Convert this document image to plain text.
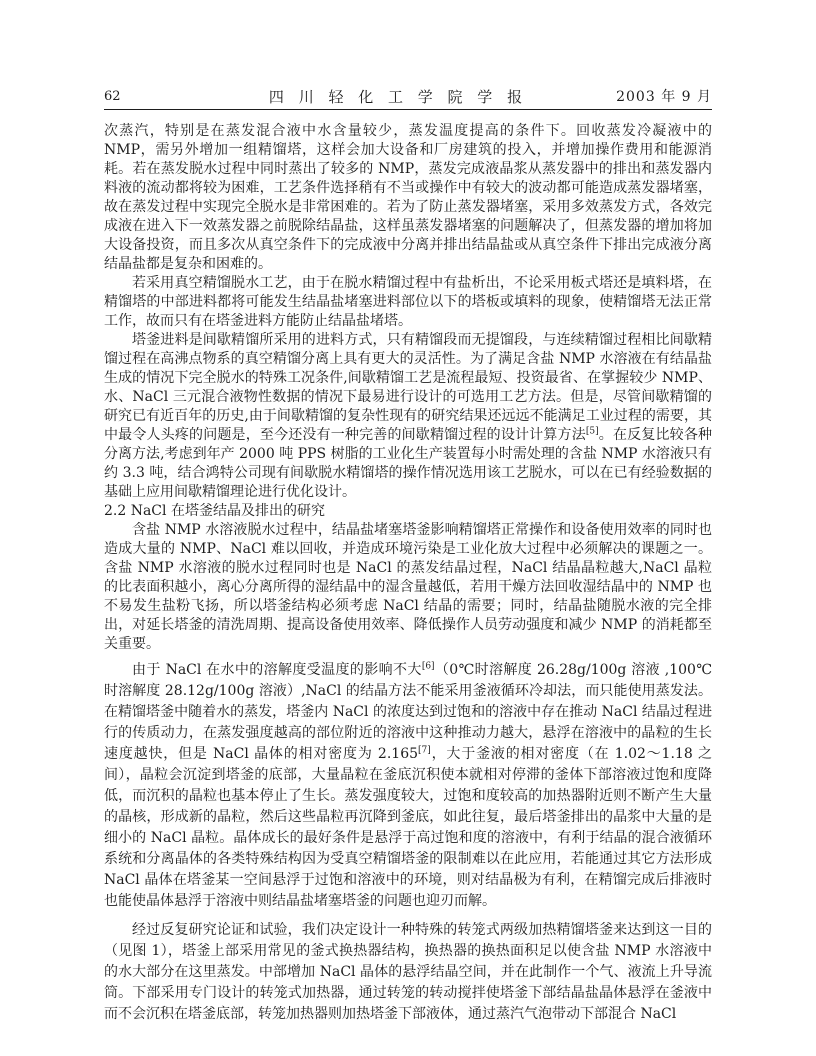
62	四 川 轻 化 工 学 院 学 报	2003 年 9 月

次蒸汽，特别是在蒸发混合液中水含量较少，蒸发温度提高的条件下。回收蒸发冷凝液中的 NMP，需另外增加一组精馏塔，这样会加大设备和厂房建筑的投入，并增加操作费用和能源消耗。若在蒸发脱水过程中同时蒸出了较多的 NMP，蒸发完成液晶浆从蒸发器中的排出和蒸发器内料液的流动都将较为困难，工艺条件选择稍有不当或操作中有较大的波动都可能造成蒸发器堵塞，故在蒸发过程中实现完全脱水是非常困难的。若为了防止蒸发器堵塞，采用多效蒸发方式，各效完成液在进入下一效蒸发器之前脱除结晶盐，这样虽蒸发器堵塞的问题解决了，但蒸发器的增加将加大设备投资，而且多次从真空条件下的完成液中分离并排出结晶盐或从真空条件下排出完成液分离结晶盐都是复杂和困难的。

若采用真空精馏脱水工艺，由于在脱水精馏过程中有盐析出，不论采用板式塔还是填料塔，在精馏塔的中部进料都将可能发生结晶盐堵塞进料部位以下的塔板或填料的现象，使精馏塔无法正常工作，故而只有在塔釜进料方能防止结晶盐堵塔。

塔釜进料是间歇精馏所采用的进料方式，只有精馏段而无提馏段，与连续精馏过程相比间歇精馏过程在高沸点物系的真空精馏分离上具有更大的灵活性。为了满足含盐 NMP 水溶液在有结晶盐生成的情况下完全脱水的特殊工况条件,间歇精馏工艺是流程最短、投资最省、在掌握较少 NMP、水、NaCl 三元混合液物性数据的情况下最易进行设计的可选用工艺方法。但是，尽管间歇精馏的研究已有近百年的历史,由于间歇精馏的复杂性现有的研究结果还远远不能满足工业过程的需要，其中最令人头疼的问题是，至今还没有一种完善的间歇精馏过程的设计计算方法[5]。在反复比较各种分离方法,考虑到年产 2000 吨 PPS 树脂的工业化生产装置每小时需处理的含盐 NMP 水溶液只有约 3.3 吨，结合鸿特公司现有间歇脱水精馏塔的操作情况选用该工艺脱水，可以在已有经验数据的基础上应用间歇精馏理论进行优化设计。

2.2 NaCl 在塔釜结晶及排出的研究

含盐 NMP 水溶液脱水过程中，结晶盐堵塞塔釜影响精馏塔正常操作和设备使用效率的同时也造成大量的 NMP、NaCl 难以回收，并造成环境污染是工业化放大过程中必须解决的课题之一。含盐 NMP 水溶液的脱水过程同时也是 NaCl 的蒸发结晶过程，NaCl 结晶晶粒越大,NaCl 晶粒的比表面积越小，离心分离所得的湿结晶中的湿含量越低，若用干燥方法回收湿结晶中的 NMP 也不易发生盐粉飞扬，所以塔釜结构必须考虑 NaCl 结晶的需要；同时，结晶盐随脱水液的完全排出，对延长塔釜的清洗周期、提高设备使用效率、降低操作人员劳动强度和减少 NMP 的消耗都至关重要。

由于 NaCl 在水中的溶解度受温度的影响不大[6]（0℃时溶解度 26.28g/100g 溶液 ,100℃时溶解度 28.12g/100g 溶液）,NaCl 的结晶方法不能采用釜液循环冷却法，而只能使用蒸发法。在精馏塔釜中随着水的蒸发，塔釜内 NaCl 的浓度达到过饱和的溶液中存在推动 NaCl 结晶过程进行的传质动力，在蒸发强度越高的部位附近的溶液中这种推动力越大，悬浮在溶液中的晶粒的生长速度越快，但是 NaCl 晶体的相对密度为 2.165[7]，大于釜液的相对密度（在 1.02～1.18 之间），晶粒会沉淀到塔釜的底部，大量晶粒在釜底沉积使本就相对停滞的釜体下部溶液过饱和度降低，而沉积的晶粒也基本停止了生长。蒸发强度较大，过饱和度较高的加热器附近则不断产生大量的晶核，形成新的晶粒，然后这些晶粒再沉降到釜底，如此往复，最后塔釜排出的晶浆中大量的是细小的 NaCl 晶粒。晶体成长的最好条件是悬浮于高过饱和度的溶液中，有利于结晶的混合液循环系统和分离晶体的各类特殊结构因为受真空精馏塔釜的限制难以在此应用，若能通过其它方法形成 NaCl 晶体在塔釜某一空间悬浮于过饱和溶液中的环境，则对结晶极为有利，在精馏完成后排液时也能使晶体悬浮于溶液中则结晶盐堵塞塔釜的问题也迎刃而解。

经过反复研究论证和试验，我们决定设计一种特殊的转笼式两级加热精馏塔釜来达到这一目的（见图 1），塔釜上部采用常见的釜式换热器结构，换热器的换热面积足以使含盐 NMP 水溶液中的水大部分在这里蒸发。中部增加 NaCl 晶体的悬浮结晶空间，并在此制作一个气、液流上升导流筒。下部采用专门设计的转笼式加热器，通过转笼的转动搅拌使塔釜下部结晶盐晶体悬浮在釜液中而不会沉积在塔釜底部，转笼加热器则加热塔釜下部液体，通过蒸汽气泡带动下部混合 NaCl
